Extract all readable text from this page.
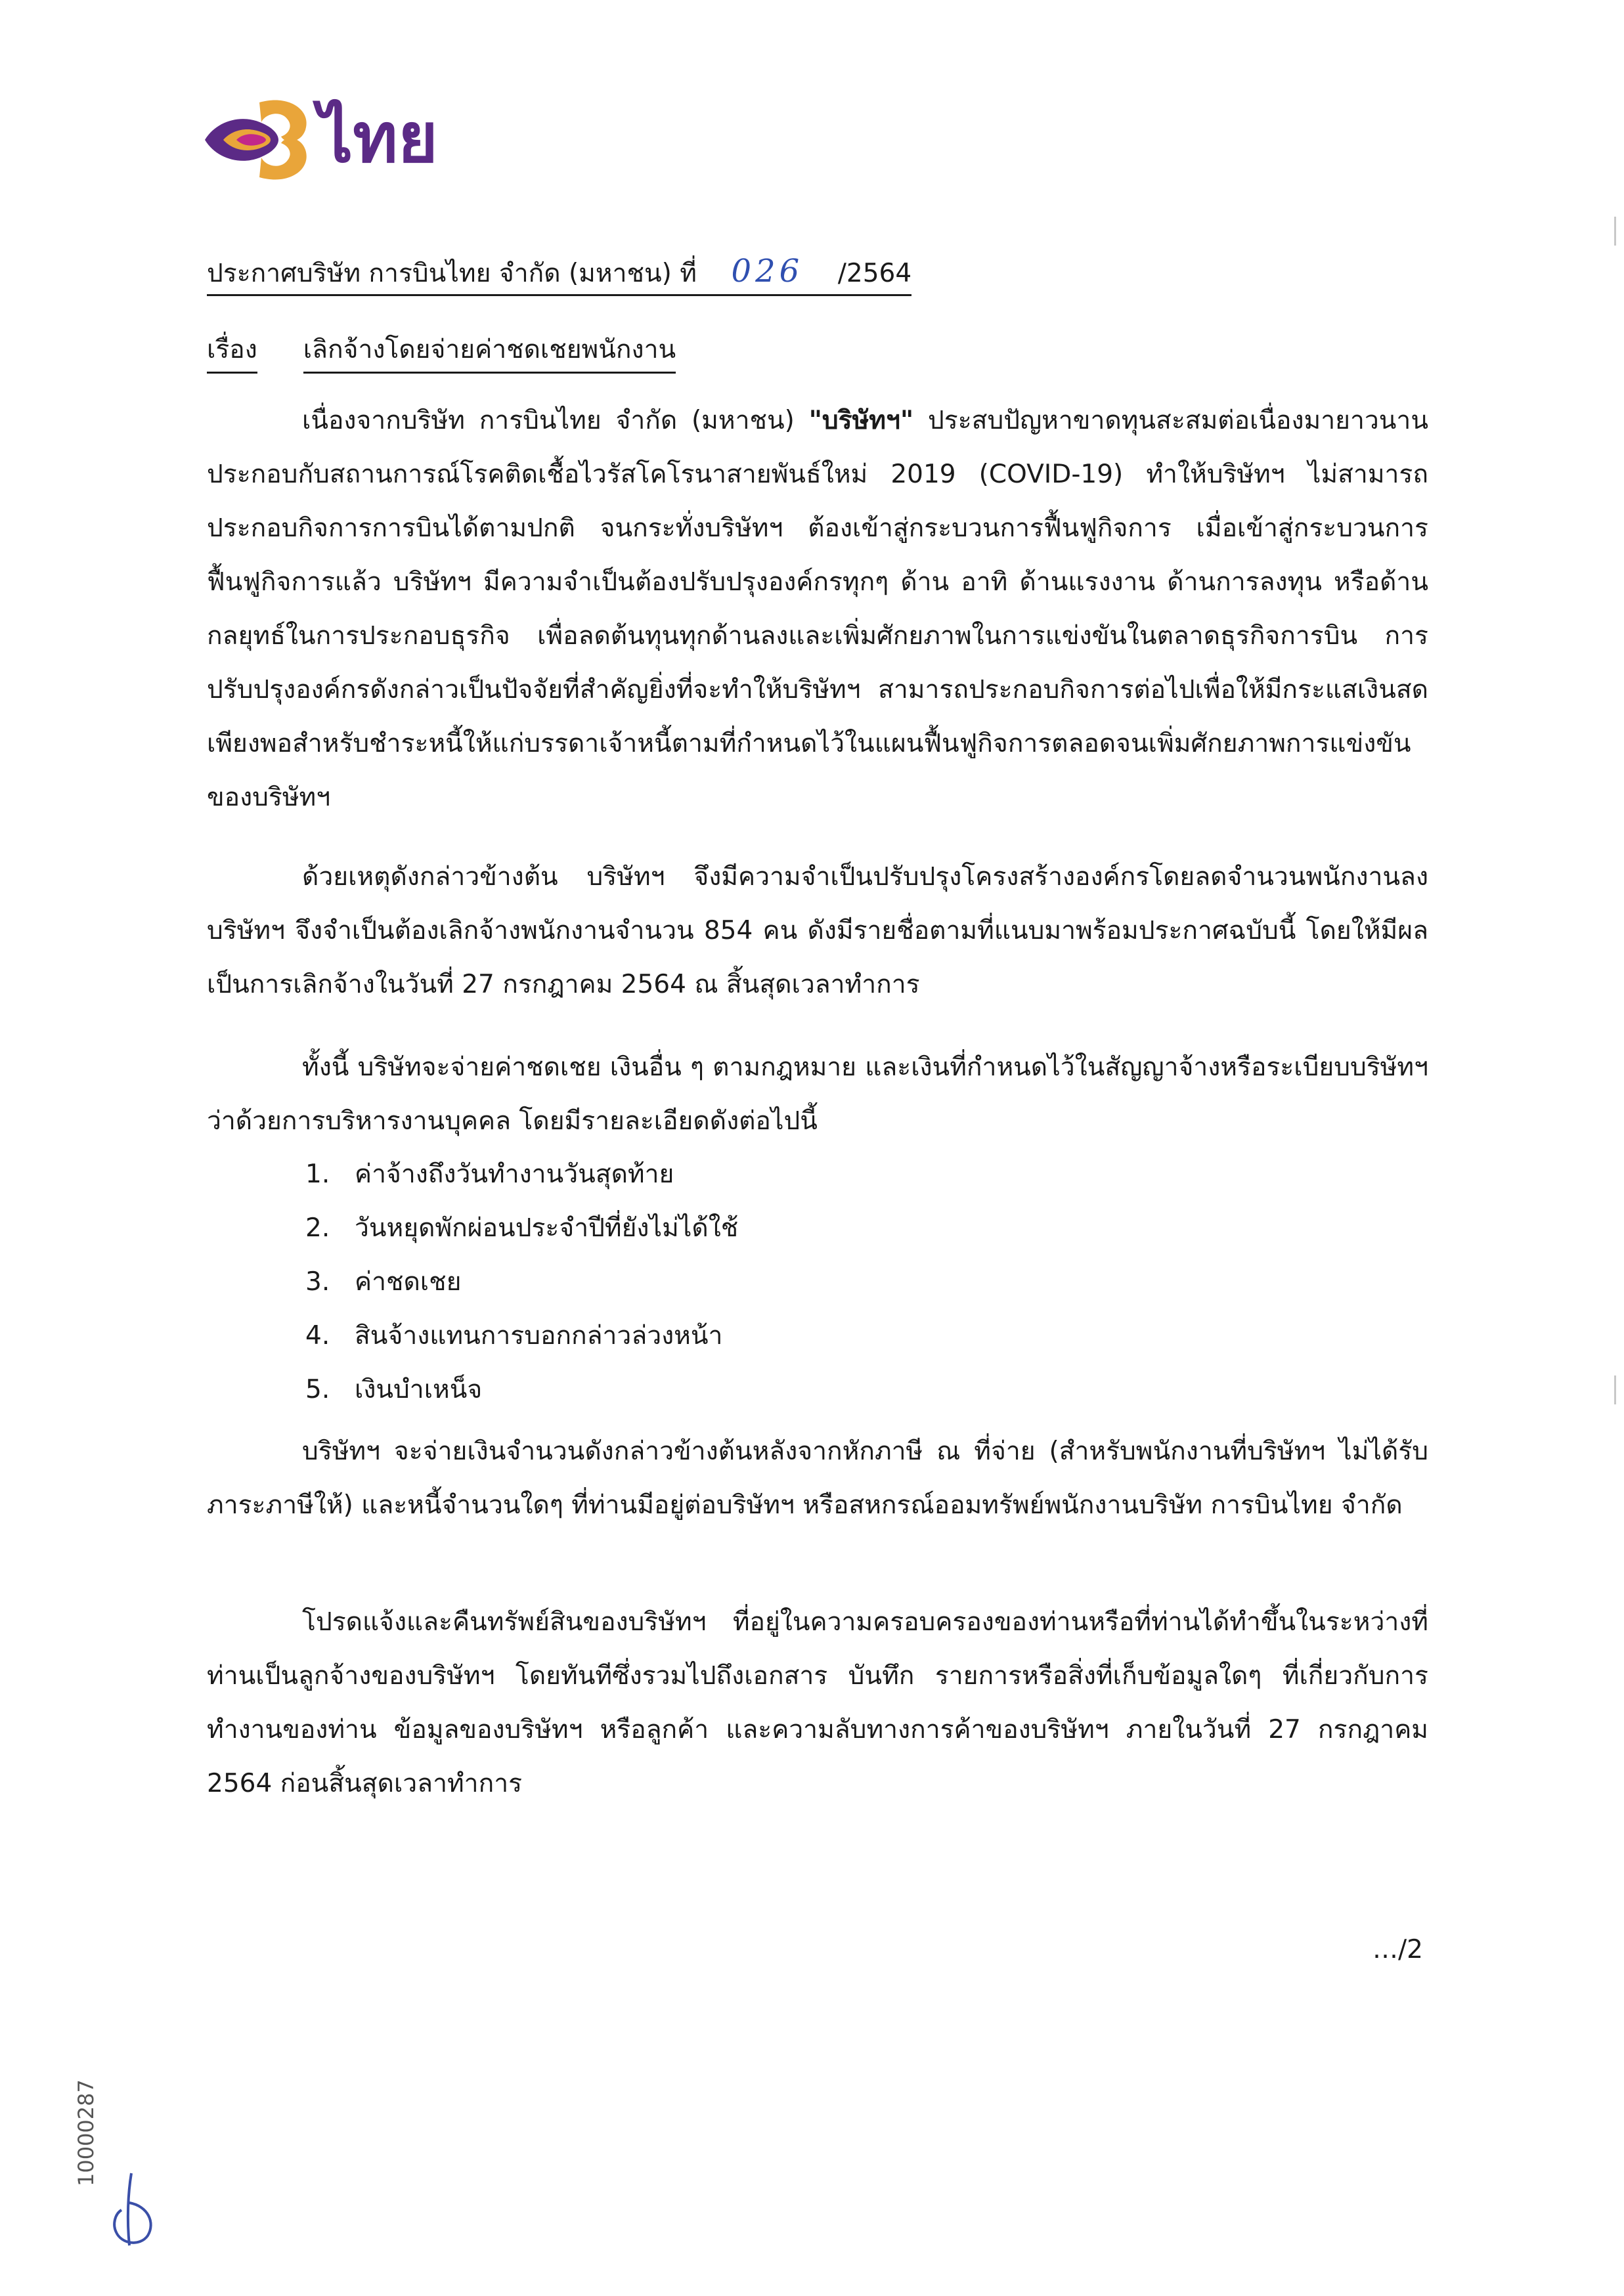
ไทย
ประกาศบริษัท การบินไทย จำกัด (มหาชน) ที่ 026 /2564
เรื่อง เลิกจ้างโดยจ่ายค่าชดเชยพนักงาน

เนื่องจากบริษัท การบินไทย จำกัด (มหาชน) "บริษัทฯ" ประสบปัญหาขาดทุนสะสมต่อเนื่องมายาวนาน ประกอบกับสถานการณ์โรคติดเชื้อไวรัสโคโรนาสายพันธ์ใหม่ 2019 (COVID-19) ทำให้บริษัทฯ ไม่สามารถประกอบกิจการการบินได้ตามปกติ จนกระทั่งบริษัทฯ ต้องเข้าสู่กระบวนการฟื้นฟูกิจการ เมื่อเข้าสู่กระบวนการฟื้นฟูกิจการแล้ว บริษัทฯ มีความจำเป็นต้องปรับปรุงองค์กรทุกๆ ด้าน อาทิ ด้านแรงงาน ด้านการลงทุน หรือด้านกลยุทธ์ในการประกอบธุรกิจ เพื่อลดต้นทุนทุกด้านลงและเพิ่มศักยภาพในการแข่งขันในตลาดธุรกิจการบิน การปรับปรุงองค์กรดังกล่าวเป็นปัจจัยที่สำคัญยิ่งที่จะทำให้บริษัทฯ สามารถประกอบกิจการต่อไปเพื่อให้มีกระแสเงินสดเพียงพอสำหรับชำระหนี้ให้แก่บรรดาเจ้าหนี้ตามที่กำหนดไว้ในแผนฟื้นฟูกิจการตลอดจนเพิ่มศักยภาพการแข่งขันของบริษัทฯ

ด้วยเหตุดังกล่าวข้างต้น บริษัทฯ จึงมีความจำเป็นปรับปรุงโครงสร้างองค์กรโดยลดจำนวนพนักงานลง บริษัทฯ จึงจำเป็นต้องเลิกจ้างพนักงานจำนวน 854 คน ดังมีรายชื่อตามที่แนบมาพร้อมประกาศฉบับนี้ โดยให้มีผลเป็นการเลิกจ้างในวันที่ 27 กรกฎาคม 2564 ณ สิ้นสุดเวลาทำการ

ทั้งนี้ บริษัทจะจ่ายค่าชดเชย เงินอื่น ๆ ตามกฎหมาย และเงินที่กำหนดไว้ในสัญญาจ้างหรือระเบียบบริษัทฯ ว่าด้วยการบริหารงานบุคคล โดยมีรายละเอียดดังต่อไปนี้

1. ค่าจ้างถึงวันทำงานวันสุดท้าย
2. วันหยุดพักผ่อนประจำปีที่ยังไม่ได้ใช้
3. ค่าชดเชย
4. สินจ้างแทนการบอกกล่าวล่วงหน้า
5. เงินบำเหน็จ

บริษัทฯ จะจ่ายเงินจำนวนดังกล่าวข้างต้นหลังจากหักภาษี ณ ที่จ่าย (สำหรับพนักงานที่บริษัทฯ ไม่ได้รับภาระภาษีให้) และหนี้จำนวนใดๆ ที่ท่านมีอยู่ต่อบริษัทฯ หรือสหกรณ์ออมทรัพย์พนักงานบริษัท การบินไทย จำกัด

โปรดแจ้งและคืนทรัพย์สินของบริษัทฯ ที่อยู่ในความครอบครองของท่านหรือที่ท่านได้ทำขึ้นในระหว่างที่ท่านเป็นลูกจ้างของบริษัทฯ โดยทันทีซึ่งรวมไปถึงเอกสาร บันทึก รายการหรือสิ่งที่เก็บข้อมูลใดๆ ที่เกี่ยวกับการทำงานของท่าน ข้อมูลของบริษัทฯ หรือลูกค้า และความลับทางการค้าของบริษัทฯ ภายในวันที่ 27 กรกฎาคม 2564 ก่อนสิ้นสุดเวลาทำการ

…/2
10000287
